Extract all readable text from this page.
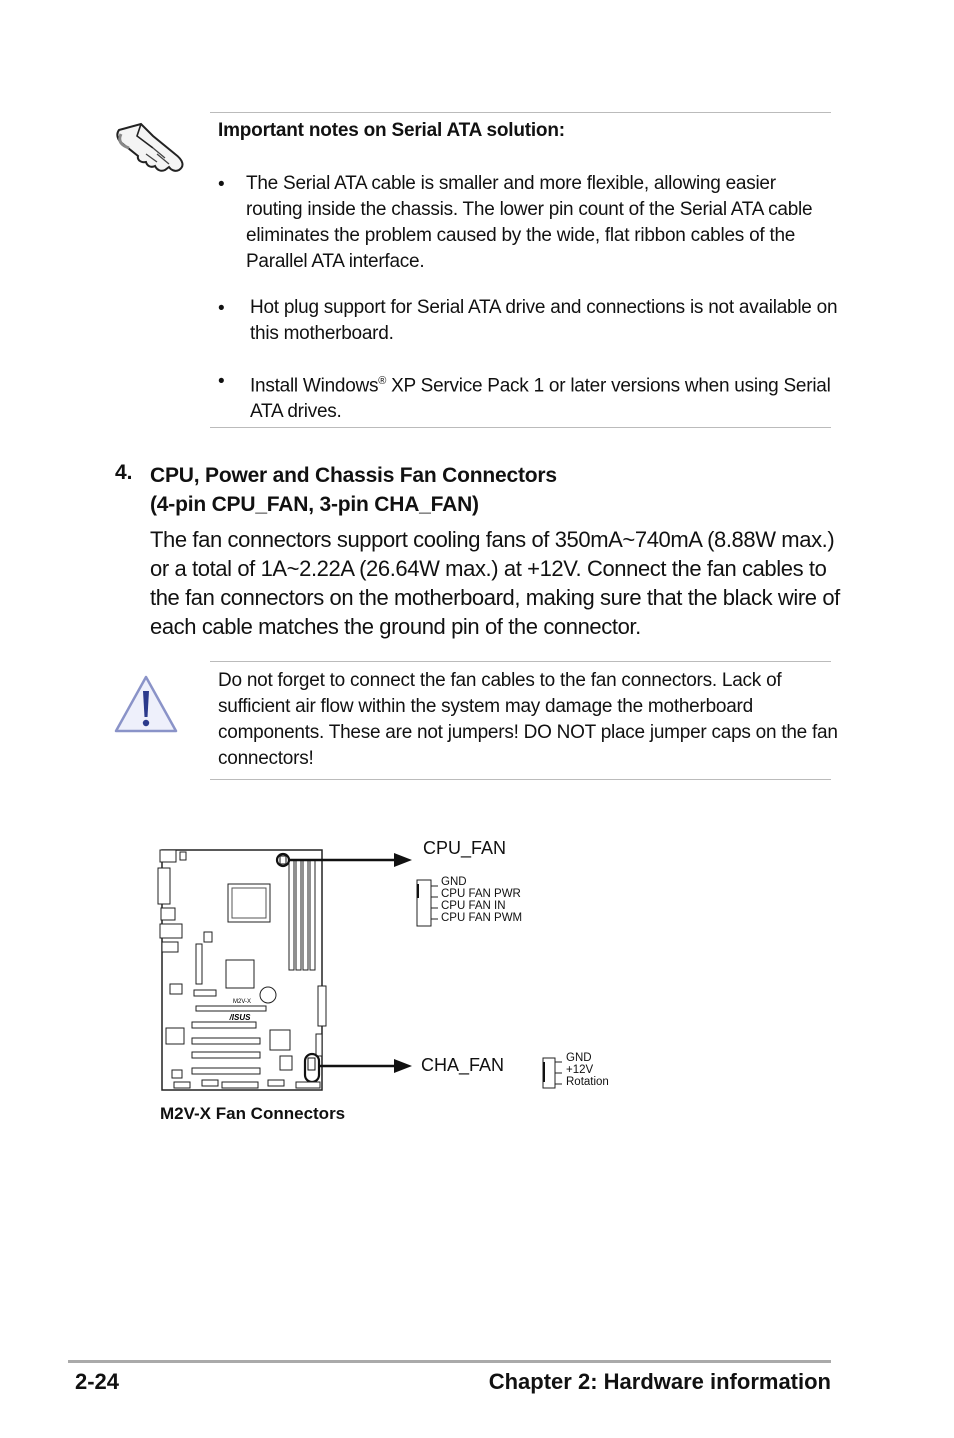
Important notes on Serial ATA solution:
• The Serial ATA cable is smaller and more flexible, allowing easier routing inside the chassis. The lower pin count of the Serial ATA cable eliminates the problem caused by the wide, flat ribbon cables of the Parallel ATA interface.
• Hot plug support for Serial ATA drive and connections is not available on this motherboard.
• Install Windows® XP Service Pack 1 or later versions when using Serial ATA drives.
4. CPU, Power and Chassis Fan Connectors
(4-pin CPU_FAN, 3-pin CHA_FAN)
The fan connectors support cooling fans of 350mA~740mA (8.88W max.) or a total of 1A~2.22A (26.64W max.) at +12V. Connect the fan cables to the fan connectors on the motherboard, making sure that the black wire of each cable matches the ground pin of the connector.
Do not forget to connect the fan cables to the fan connectors. Lack of sufficient air flow within the system may damage the motherboard components. These are not jumpers! DO NOT place jumper caps on the fan connectors!
M2V-X
/ISUS
CPU_FAN
GND
CPU FAN PWR
CPU FAN IN
CPU FAN PWM
CHA_FAN	GND
+12V
Rotation
M2V-X Fan Connectors
2-24	Chapter 2: Hardware information
